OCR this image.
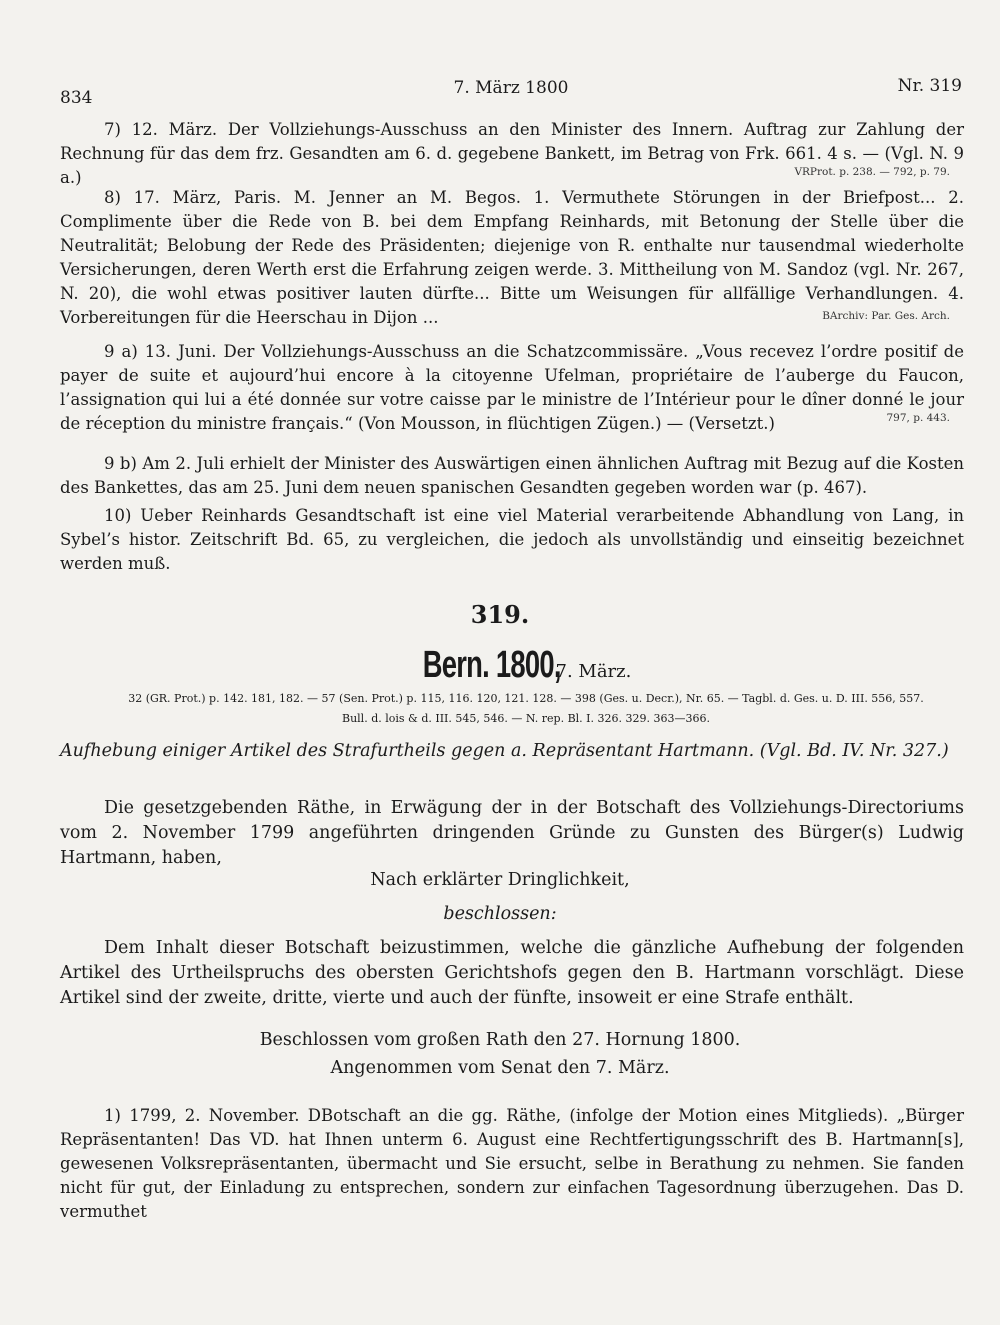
834	7. März 1800	Nr. 319
7) 12. März. Der Vollziehungs-Ausschuss an den Minister des Innern. Auftrag zur Zahlung der Rechnung für das dem frz. Gesandten am 6. d. gegebene Bankett, im Betrag von Frk. 661. 4 s. — (Vgl. N. 9 a.)	VRProt. p. 238. — 792, p. 79.
8) 17. März, Paris. M. Jenner an M. Begos. 1. Vermuthete Störungen in der Briefpost... 2. Complimente über die Rede von B. bei dem Empfang Reinhards, mit Betonung der Stelle über die Neutralität; Belobung der Rede des Präsidenten; diejenige von R. enthalte nur tausendmal wiederholte Versicherungen, deren Werth erst die Erfahrung zeigen werde. 3. Mittheilung von M. Sandoz (vgl. Nr. 267, N. 20), die wohl etwas positiver lauten dürfte... Bitte um Weisungen für allfällige Verhandlungen. 4. Vorbereitungen für die Heerschau in Dijon ...	BArchiv: Par. Ges. Arch.
9 a) 13. Juni. Der Vollziehungs-Ausschuss an die Schatzcommissäre. „Vous recevez l’ordre positif de payer de suite et aujourd’hui encore à la citoyenne Ufelman, propriétaire de l’auberge du Faucon, l’assignation qui lui a été donnée sur votre caisse par le ministre de l’Intérieur pour le dîner donné le jour de réception du ministre français.“ (Von Mousson, in flüchtigen Zügen.) — (Versetzt.)	797, p. 443.
9 b) Am 2. Juli erhielt der Minister des Auswärtigen einen ähnlichen Auftrag mit Bezug auf die Kosten des Bankettes, das am 25. Juni dem neuen spanischen Gesandten gegeben worden war (p. 467).
10) Ueber Reinhards Gesandtschaft ist eine viel Material verarbeitende Abhandlung von Lang, in Sybel’s histor. Zeitschrift Bd. 65, zu vergleichen, die jedoch als unvollständig und einseitig bezeichnet werden muß.
319.
Bern. 1800, 7. März.
32 (GR. Prot.) p. 142. 181, 182. — 57 (Sen. Prot.) p. 115, 116. 120, 121. 128. — 398 (Ges. u. Decr.), Nr. 65. — Tagbl. d. Ges. u. D. III. 556, 557.
Bull. d. lois & d. III. 545, 546. — N. rep. Bl. I. 326. 329. 363—366.
Aufhebung einiger Artikel des Strafurtheils gegen a. Repräsentant Hartmann. (Vgl. Bd. IV. Nr. 327.)
Die gesetzgebenden Räthe, in Erwägung der in der Botschaft des Vollziehungs-Directoriums vom 2. November 1799 angeführten dringenden Gründe zu Gunsten des Bürger(s) Ludwig Hartmann, haben,
Nach erklärter Dringlichkeit,
beschlossen:
Dem Inhalt dieser Botschaft beizustimmen, welche die gänzliche Aufhebung der folgenden Artikel des Urtheilspruchs des obersten Gerichtshofs gegen den B. Hartmann vorschlägt. Diese Artikel sind der zweite, dritte, vierte und auch der fünfte, insoweit er eine Strafe enthält.
Beschlossen vom großen Rath den 27. Hornung 1800.
Angenommen vom Senat den 7. März.
1) 1799, 2. November. DBotschaft an die gg. Räthe, (infolge der Motion eines Mitglieds). „Bürger Repräsentanten! Das VD. hat Ihnen unterm 6. August eine Rechtfertigungsschrift des B. Hartmann[s], gewesenen Volksrepräsentanten, übermacht und Sie ersucht, selbe in Berathung zu nehmen. Sie fanden nicht für gut, der Einladung zu entsprechen, sondern zur einfachen Tagesordnung überzugehen. Das D. vermuthet
